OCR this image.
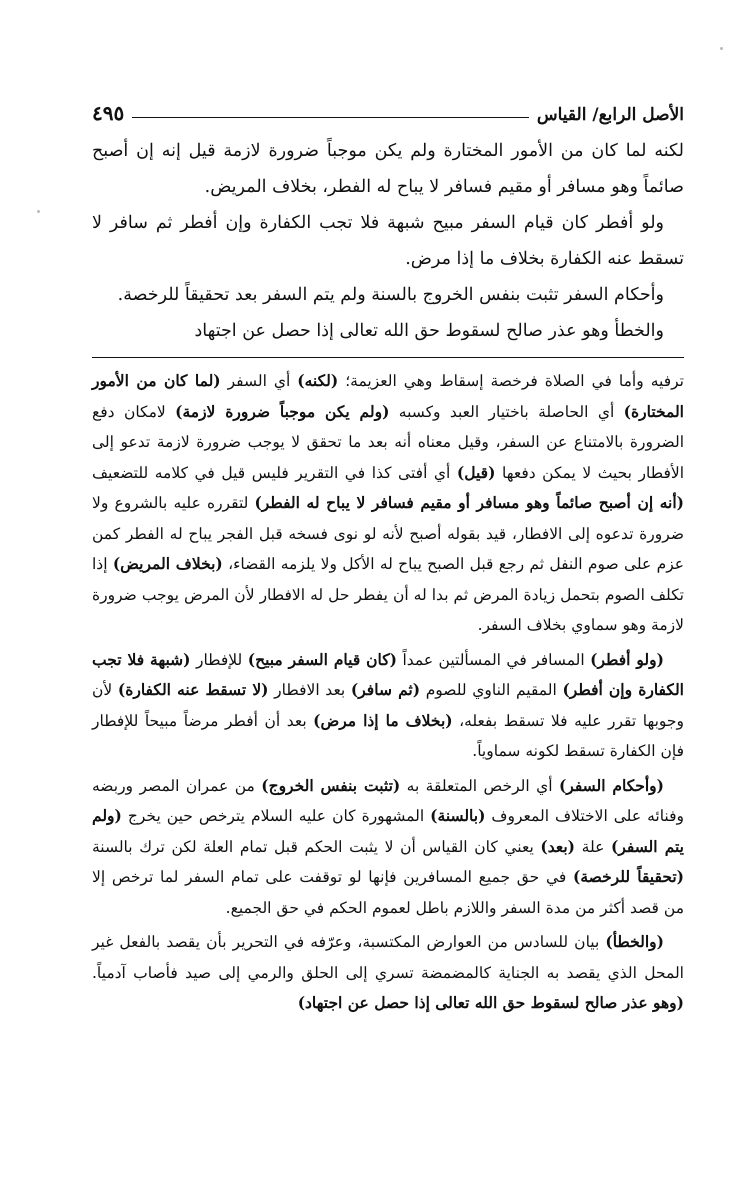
الأصل الرابع/ القياس
٤٩٥

لكنه لما كان من الأمور المختارة ولم يكن موجباً ضرورة لازمة قيل إنه إن أصبح صائماً وهو مسافر أو مقيم فسافر لا يباح له الفطر، بخلاف المريض.

ولو أفطر كان قيام السفر مبيح شبهة فلا تجب الكفارة وإن أفطر ثم سافر لا تسقط عنه الكفارة بخلاف ما إذا مرض.

وأحكام السفر تثبت بنفس الخروج بالسنة ولم يتم السفر بعد تحقيقاً للرخصة.

والخطأ وهو عذر صالح لسقوط حق الله تعالى إذا حصل عن اجتهاد

ترفيه وأما في الصلاة فرخصة إسقاط وهي العزيمة؛ (لكنه) أي السفر (لما كان من الأمور المختارة) أي الحاصلة باختيار العبد وكسبه (ولم يكن موجباً ضرورة لازمة) لامكان دفع الضرورة بالامتناع عن السفر، وقيل معناه أنه بعد ما تحقق لا يوجب ضرورة لازمة تدعو إلى الأفطار بحيث لا يمكن دفعها (قيل) أي أفتى كذا في التقرير فليس قيل في كلامه للتضعيف (أنه إن أصبح صائماً وهو مسافر أو مقيم فسافر لا يباح له الفطر) لتقرره عليه بالشروع ولا ضرورة تدعوه إلى الافطار، قيد بقوله أصبح لأنه لو نوى فسخه قبل الفجر يباح له الفطر كمن عزم على صوم النفل ثم رجع قبل الصبح يباح له الأكل ولا يلزمه القضاء، (بخلاف المريض) إذا تكلف الصوم بتحمل زيادة المرض ثم بدا له أن يفطر حل له الافطار لأن المرض يوجب ضرورة لازمة وهو سماوي بخلاف السفر.

(ولو أفطر) المسافر في المسألتين عمداً (كان قيام السفر مبيح) للإفطار (شبهة فلا تجب الكفارة وإن أفطر) المقيم الناوي للصوم (ثم سافر) بعد الافطار (لا تسقط عنه الكفارة) لأن وجوبها تقرر عليه فلا تسقط بفعله، (بخلاف ما إذا مرض) بعد أن أفطر مرضاً مبيحاً للإفطار فإن الكفارة تسقط لكونه سماوياً.

(وأحكام السفر) أي الرخص المتعلقة به (تثبت بنفس الخروج) من عمران المصر وربضه وفنائه على الاختلاف المعروف (بالسنة) المشهورة كان عليه السلام يترخص حين يخرج (ولم يتم السفر) علة (بعد) يعني كان القياس أن لا يثبت الحكم قبل تمام العلة لكن ترك بالسنة (تحقيقاً للرخصة) في حق جميع المسافرين فإنها لو توقفت على تمام السفر لما ترخص إلا من قصد أكثر من مدة السفر واللازم باطل لعموم الحكم في حق الجميع.

(والخطأ) بيان للسادس من العوارض المكتسبة، وعرّفه في التحرير بأن يقصد بالفعل غير المحل الذي يقصد به الجناية كالمضمضة تسري إلى الحلق والرمي إلى صيد فأصاب آدمياً. (وهو عذر صالح لسقوط حق الله تعالى إذا حصل عن اجتهاد)
